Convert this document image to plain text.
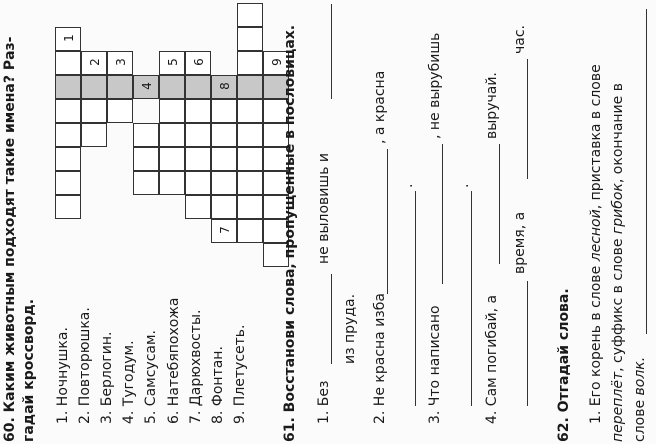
60. Каким животным подходят такие имена? Раз- гадай кроссворд. 1. Ночнушка. 2. Повторюшка. 3. Берлогин. 4. Тугодум. 5. Самсусам. 6. Натебяпохожа 7. Дарюхвосты. 8. Фонтан. 9. Плетусеть.
1
2	3
4
5	6
8
9
61. Восстанови слова, пропущенные в пословицах. 1. Без
не выловишь и
из пруда. 2. Не красна изба
, а красна
.
3. Что написано
, не вырубишь
.
4. Сам погибай, а
выручай.
время, а
час.
62. Отгадай слова. 1. Его корень в слове лесной, приставка в слове
переплёт, суффикс в слове грибок, окончание в
слове волк.
7
